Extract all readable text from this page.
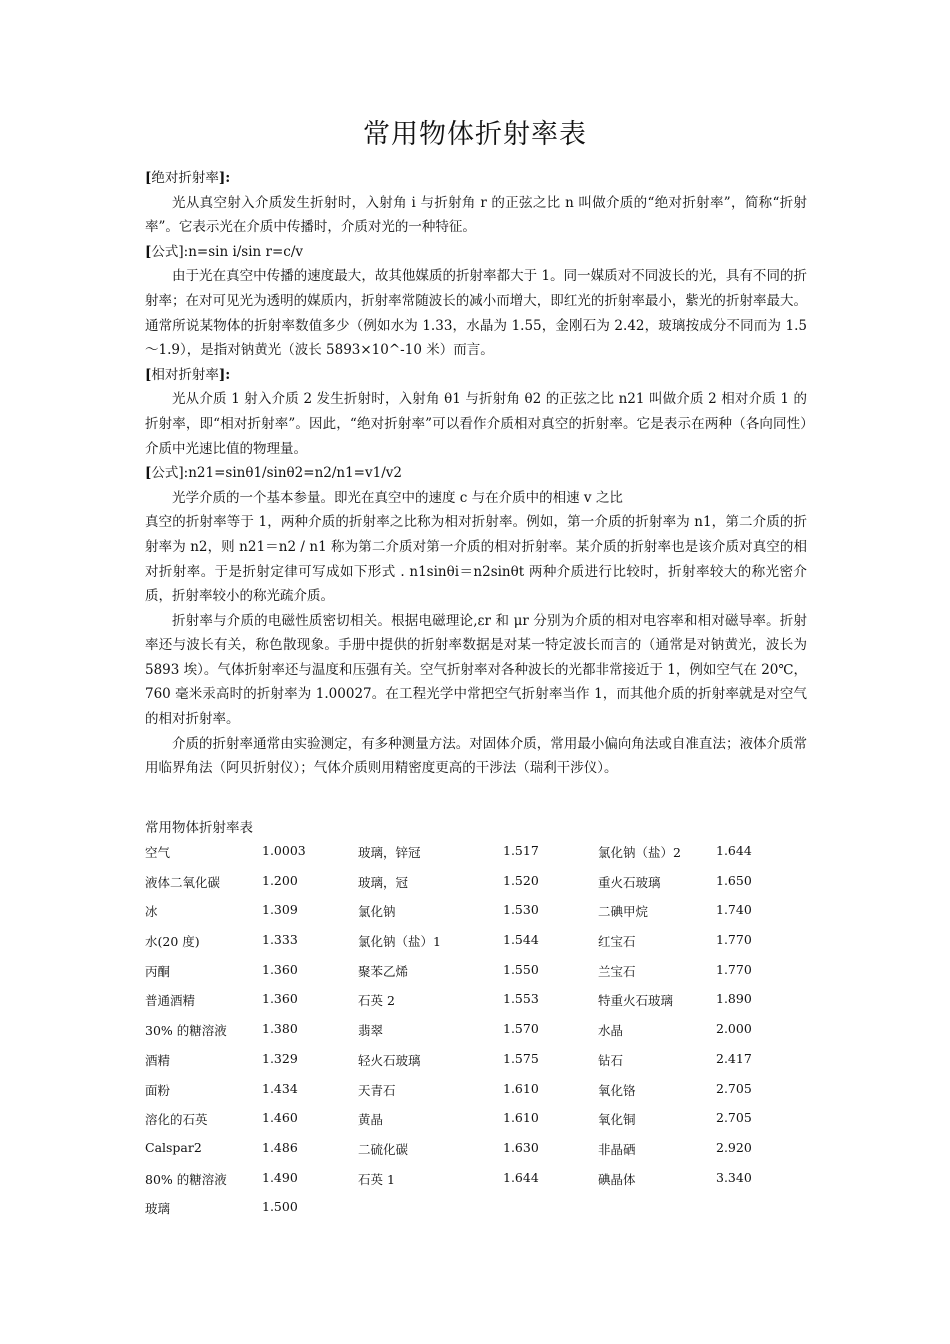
常用物体折射率表

[绝对折射率]:

光从真空射入介质发生折射时，入射角 i 与折射角 r 的正弦之比 n 叫做介质的“绝对折射率”，简称“折射率”。它表示光在介质中传播时，介质对光的一种特征。

[公式]:n=sin i/sin r=c/v

由于光在真空中传播的速度最大，故其他媒质的折射率都大于 1。同一媒质对不同波长的光，具有不同的折射率；在对可见光为透明的媒质内，折射率常随波长的减小而增大，即红光的折射率最小，紫光的折射率最大。通常所说某物体的折射率数值多少（例如水为 1.33，水晶为 1.55，金刚石为 2.42，玻璃按成分不同而为 1.5～1.9），是指对钠黄光（波长 5893×10^-10 米）而言。

[相对折射率]:

光从介质 1 射入介质 2 发生折射时，入射角 θ1 与折射角 θ2 的正弦之比 n21 叫做介质 2 相对介质 1 的折射率，即“相对折射率”。因此，“绝对折射率”可以看作介质相对真空的折射率。它是表示在两种（各向同性）介质中光速比值的物理量。

[公式]:n21=sinθ1/sinθ2=n2/n1=v1/v2

光学介质的一个基本参量。即光在真空中的速度 c 与在介质中的相速 v 之比

真空的折射率等于 1，两种介质的折射率之比称为相对折射率。例如，第一介质的折射率为 n1，第二介质的折射率为 n2，则 n21＝n2 / n1 称为第二介质对第一介质的相对折射率。某介质的折射率也是该介质对真空的相对折射率。于是折射定律可写成如下形式 . n1sinθi＝n2sinθt 两种介质进行比较时，折射率较大的称光密介质，折射率较小的称光疏介质。

折射率与介质的电磁性质密切相关。根据电磁理论,εr 和 μr 分别为介质的相对电容率和相对磁导率。折射率还与波长有关，称色散现象。手册中提供的折射率数据是对某一特定波长而言的（通常是对钠黄光，波长为 5893 埃）。气体折射率还与温度和压强有关。空气折射率对各种波长的光都非常接近于 1，例如空气在 20℃，760 毫米汞高时的折射率为 1.00027。在工程光学中常把空气折射率当作 1，而其他介质的折射率就是对空气的相对折射率。

介质的折射率通常由实验测定，有多种测量方法。对固体介质，常用最小偏向角法或自准直法；液体介质常用临界角法（阿贝折射仪）；气体介质则用精密度更高的干涉法（瑞利干涉仪）。

常用物体折射率表
空气	1.0003	玻璃，锌冠	1.517	氯化钠（盐）2	1.644
液体二氧化碳	1.200	玻璃，冠	1.520	重火石玻璃	1.650
冰	1.309	氯化钠	1.530	二碘甲烷	1.740
水(20 度)	1.333	氯化钠（盐）1	1.544	红宝石	1.770
丙酮	1.360	聚苯乙烯	1.550	兰宝石	1.770
普通酒精	1.360	石英 2	1.553	特重火石玻璃	1.890
30% 的糖溶液	1.380	翡翠	1.570	水晶	2.000
酒精	1.329	轻火石玻璃	1.575	钻石	2.417
面粉	1.434	天青石	1.610	氧化铬	2.705
溶化的石英	1.460	黄晶	1.610	氧化铜	2.705
Calspar2	1.486	二硫化碳	1.630	非晶硒	2.920
80% 的糖溶液	1.490	石英 1	1.644	碘晶体	3.340
玻璃	1.500				
